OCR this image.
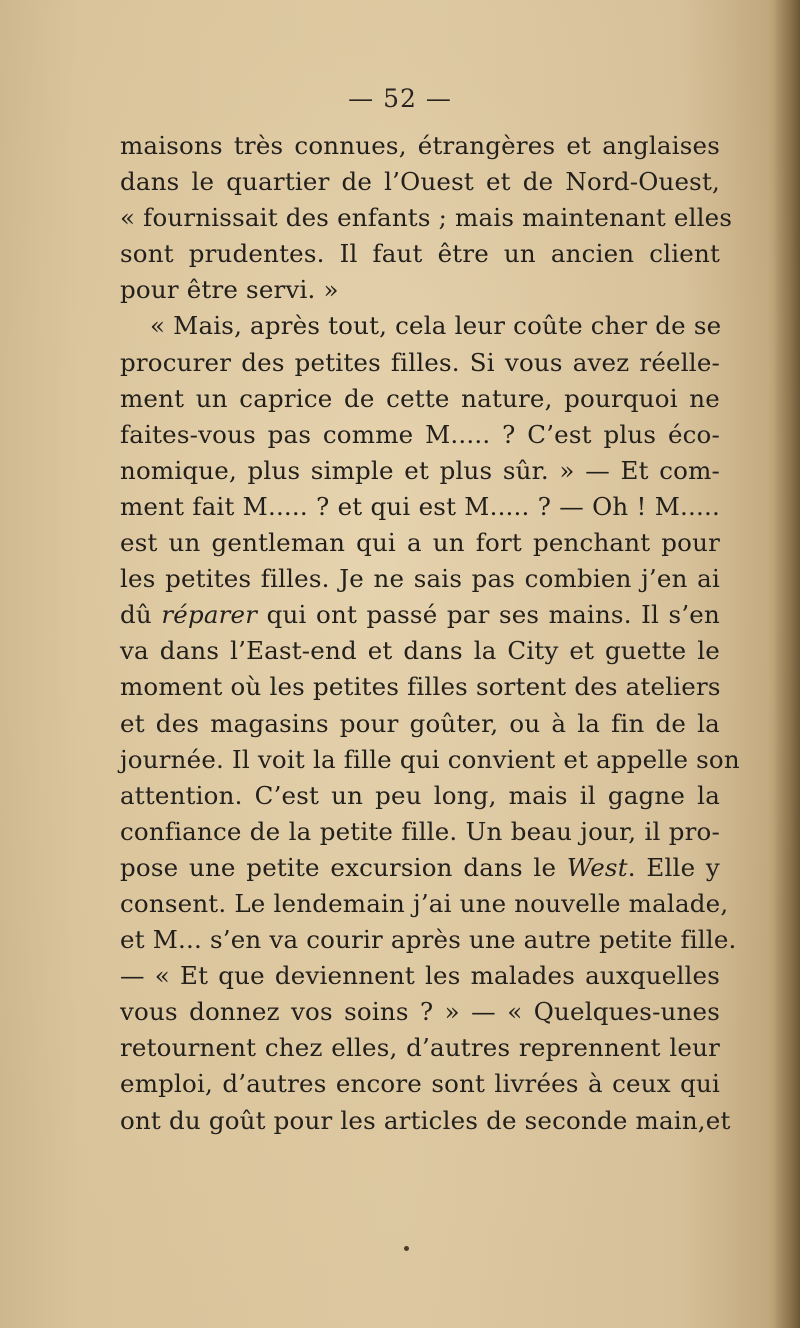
— 52 —
maisons très connues, étrangères et anglaises
dans le quartier de l’Ouest et de Nord-Ouest,
« fournissait des enfants ; mais maintenant elles
sont prudentes. Il faut être un ancien client
pour être servi. »
« Mais, après tout, cela leur coûte cher de se
procurer des petites filles. Si vous avez réelle-
ment un caprice de cette nature, pourquoi ne
faites-vous pas comme M..... ? C’est plus éco-
nomique, plus simple et plus sûr. » — Et com-
ment fait M..... ? et qui est M..... ? — Oh ! M.....
est un gentleman qui a un fort penchant pour
les petites filles. Je ne sais pas combien j’en ai
dû réparer qui ont passé par ses mains. Il s’en
va dans l’East-end et dans la City et guette le
moment où les petites filles sortent des ateliers
et des magasins pour goûter, ou à la fin de la
journée. Il voit la fille qui convient et appelle son
attention. C’est un peu long, mais il gagne la
confiance de la petite fille. Un beau jour, il pro-
pose une petite excursion dans le West. Elle y
consent. Le lendemain j’ai une nouvelle malade,
et M... s’en va courir après une autre petite fille.
— « Et que deviennent les malades auxquelles
vous donnez vos soins ? » — « Quelques-unes
retournent chez elles, d’autres reprennent leur
emploi, d’autres encore sont livrées à ceux qui
ont du goût pour les articles de seconde main,et
